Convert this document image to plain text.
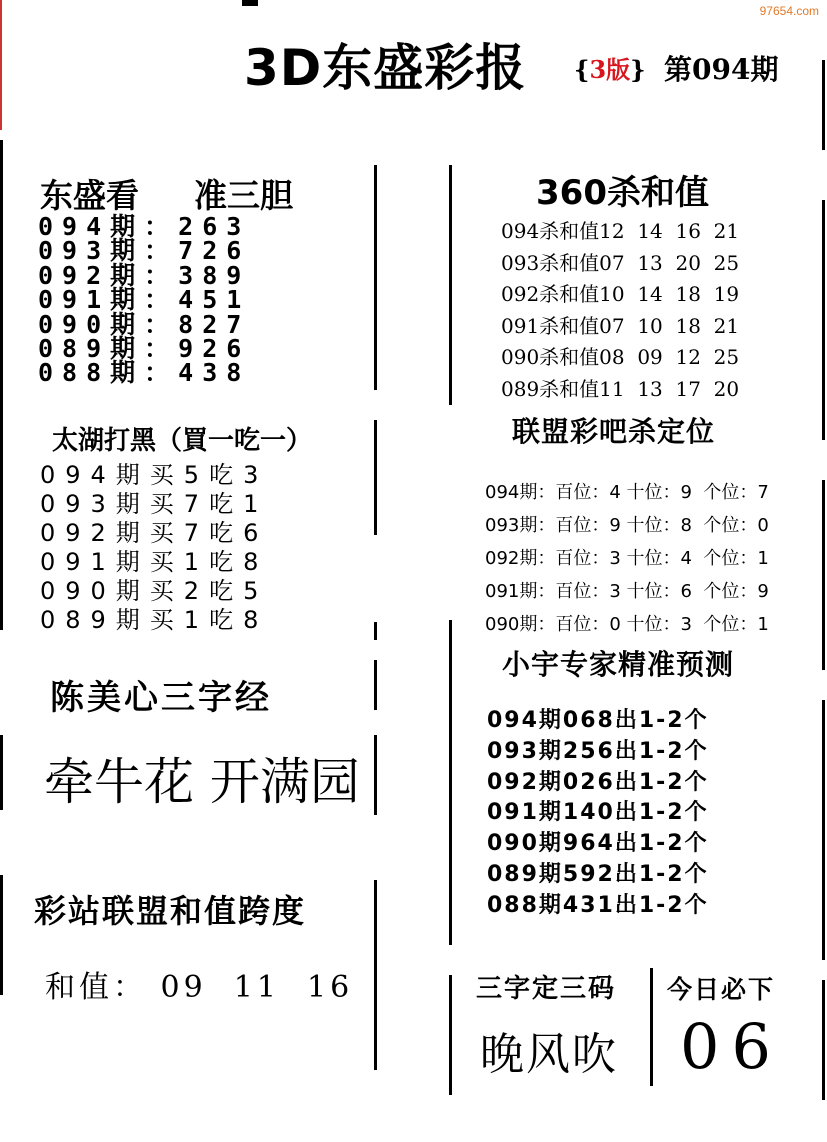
97654.com
3D东盛彩报 {3版} 第094期
东盛看 准三胆
094期：263
093期：726
092期：389
091期：451
090期：827
089期：926
088期：438
太湖打黑（買一吃一）
094期买5吃3
093期买7吃1
092期买7吃6
091期买1吃8
090期买2吃5
089期买1吃8
陈美心三字经
牵牛花 开满园
彩站联盟和值跨度
和值： 09  11  16
360杀和值
094杀和值12  14  16  21
093杀和值07  13  20  25
092杀和值10  14  18  19
091杀和值07  10  18  21
090杀和值08  09  12  25
089杀和值11  13  17  20
联盟彩吧杀定位
094期：百位：4 十位：9  个位：7
093期：百位：9 十位：8  个位：0
092期：百位：3 十位：4  个位：1
091期：百位：3 十位：6  个位：9
090期：百位：0 十位：3  个位：1
小宇专家精准预测
094期068出1-2个
093期256出1-2个
092期026出1-2个
091期140出1-2个
090期964出1-2个
089期592出1-2个
088期431出1-2个
三字定三码
晚风吹
今日必下
06
